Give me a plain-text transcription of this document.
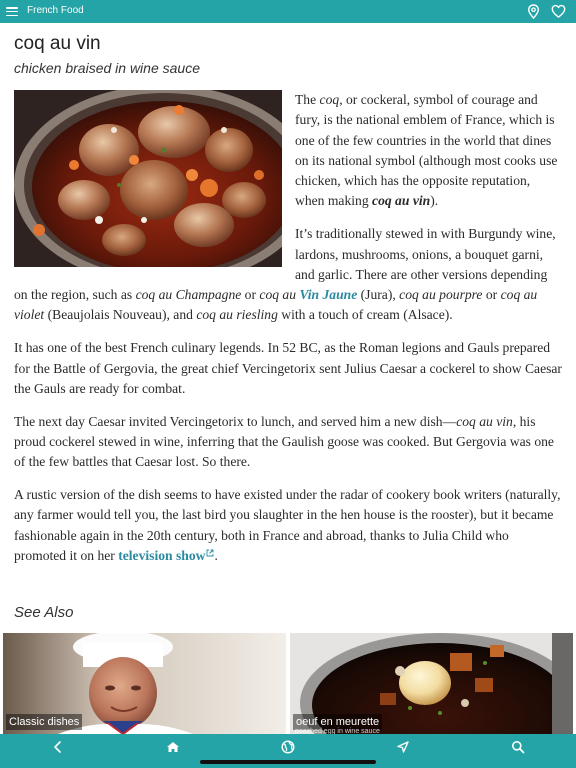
French Food
coq au vin
chicken braised in wine sauce

The coq, or cockeral, symbol of courage and fury, is the national emblem of France, which is one of the few countries in the world that dines on its national symbol (although most cooks use chicken, which has the opposite reputation, when making coq au vin).

It’s traditionally stewed in with Burgundy wine, lardons, mushrooms, onions, a bouquet garni, and garlic. There are other versions depending on the region, such as coq au Champagne or coq au Vin Jaune (Jura), coq au pourpre or coq au violet (Beaujolais Nouveau), and coq au riesling with a touch of cream (Alsace).

It has one of the best French culinary legends. In 52 BC, as the Roman legions and Gauls prepared for the Battle of Gergovia, the great chief Vercingetorix sent Julius Caesar a cockerel to show Caesar the Gauls are ready for combat.

The next day Caesar invited Vercingetorix to lunch, and served him a new dish—coq au vin, his proud cockerel stewed in wine, inferring that the Gaulish goose was cooked. But Gergovia was one of the few battles that Caesar lost. So there.

A rustic version of the dish seems to have existed under the radar of cookery book writers (naturally, any farmer would tell you, the last bird you slaughter in the hen house is the rooster), but it became fashionable again in the 20th century, both in France and abroad, thanks to Julia Child who promoted it on her television show .

See Also
Classic dishes	oeuf en meurette
poached egg in wine sauce
